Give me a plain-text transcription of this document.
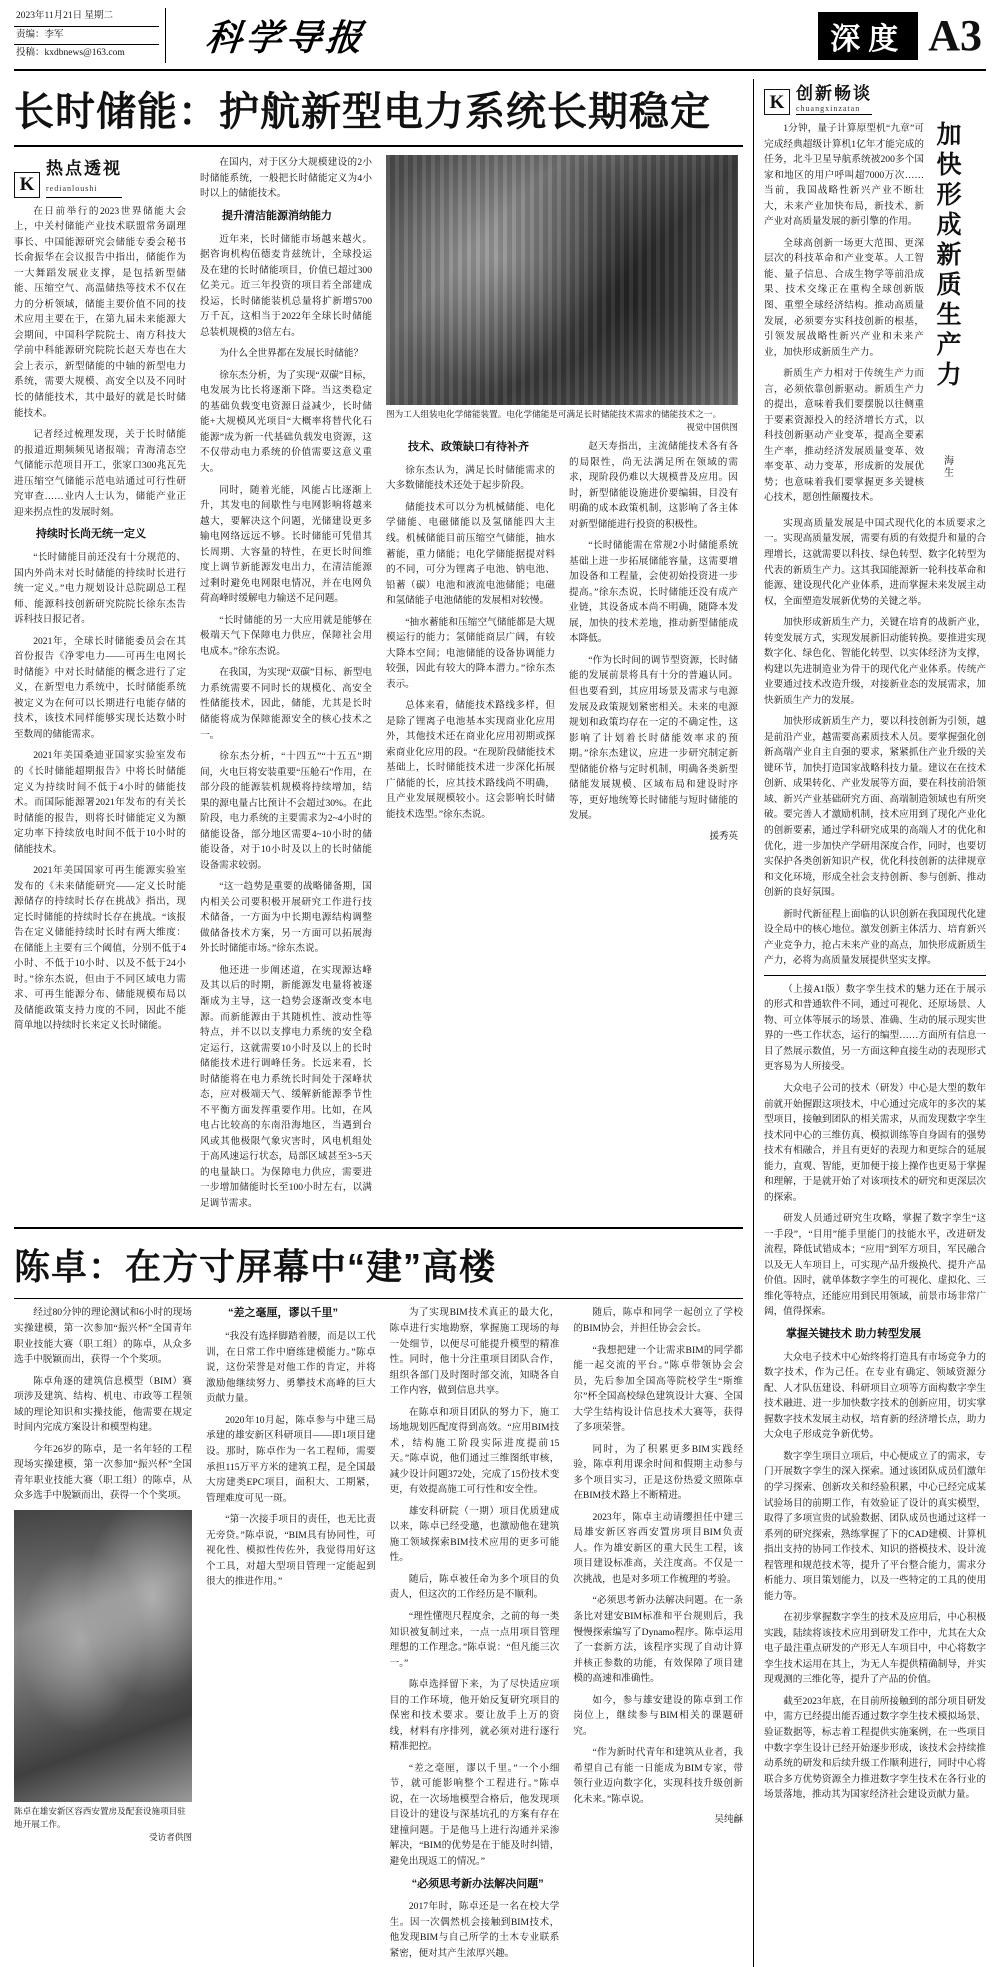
2023年11月21日 星期二
责编：李军
投稿：kxdbnews@163.com	科学导报	深度 A3
长时储能：护航新型电力系统长期稳定
K
热点透视
redianloushi

在日前举行的2023世界储能大会上，中关村储能产业技术联盟常务副理事长、中国能源研究会储能专委会秘书长俞振华在会议报告中指出，储能作为一大舞蹈发展业支撑，是包括新型储能、压缩空气、高温储热等技术不仅在力的分析领域，储能主要价值不同的技术应用主要在于，在第九届未来能源大会期间，中国科学院院士、南方科技大学前中科能源研究院院长赵天寿也在大会上表示，新型储能的中轴的新型电力系统，需要大规模、高安全以及不同时长的储能技术，其中最好的就是长时储能技术。

记者经过梳理发现，关于长时储能的报道近期频频见诸报端；青海清态空气储能示范项目开工，张家口300兆瓦先进压缩空气储能示范电站通过可行性研究审查……业内人士认为，储能产业正迎来拐点性的发展时刻。

持续时长尚无统一定义

“长时储能目前还没有十分规范的、国内外尚未对长时储能的持续时长进行统一定义。”电力规划设计总院副总工程师、能源科技创新研究院院长徐东杰告诉科技日报记者。

2021年，全球长时储能委员会在其首份报告《净零电力——可再生电网长时储能》中对长时储能的概念进行了定义，在新型电力系统中，长时储能系统被定义为在何可以长期进行电能存储的技术，该技术同样能够实现长达数小时至数周的储能需求。

2021年美国桑迪亚国家实验室发布的《长时储能超期报告》中将长时储能定义为持续时间不低于4小时的储能技术。而国际能源署2021年发布的有关长时储能的报告，则将长时储能定义为额定功率下持续放电时间不低于10小时的储能技术。

2021年美国国家可再生能源实验室发布的《未来储能研究——定义长时能源储存的持续时长存在挑战》指出，现定长时储能的持续时长存在挑战。“该报告在定义储能持续时长时有两大维度：在储能上主要有三个阈值，分别不低于4小时、不低于10小时、以及不低于24小时。”徐东杰说，但由于不同区域电力需求、可再生能源分布、储能规模布局以及储能政策支持力度的不同，因此不能简单地以持续时长来定义长时储能。

在国内，对于区分大规模建设的2小时储能系统，一般把长时储能定义为4小时以上的储能技术。

提升清洁能源消纳能力

近年来，长时储能市场越来越火。据咨询机构伍德麦肯兹统计，全球投运及在建的长时储能项目，价值已超过300亿美元。近三年投资的项目若全部建成投运，长时储能装机总量将扩新增5700万千瓦，这相当于2022年全球长时储能总装机规模的3倍左右。

为什么全世界都在发展长时储能？

徐东杰分析，为了实现“双碳”目标，电发展为比长将逐渐下降。当这类稳定的基础负载变电资源日益减少，长时储能+大规模风光项目“大概率将替代化石能源”成为新一代基础负载发电资源，这不仅带动电力系统的价值需要这意义重大。

同时，随着光能，风能占比逐渐上升，其发电的间歇性与电网影响将越来越大，要解决这个问题，光储建设更多输电网络远远不够。长时储能可凭借其长周期、大容量的特性，在更长时间维度上调节新能源发电出力，在清洁能源过剩时避免电网限电情况，并在电网负荷高峰时缓解电力输送不足问题。

“长时储能的另一大应用就是能够在极端天气下保障电力供应，保障社会用电成本。”徐东杰说。

在我国，为实现“双碳”目标、新型电力系统需要不同时长的规模化、高安全性储能技术，因此，储能，尤其是长时储能将成为保障能源安全的核心技术之一。

徐东杰分析，“十四五”“十五五”期间，火电巨将安装重要“压舱石”作用，在部分段的能源装机规模将持续增加，结果的源电量占比预计不会超过30%。在此阶段，电力系统的主要需求为2~4小时的储能设备，部分地区需要4~10小时的储能设备，对于10小时及以上的长时储能设备需求较弱。

“这一趋势是重要的战略储备期，国内相关公司要积极开展研究工作进行技术储备，一方面为中长期电源结构调整做储备技术方案，另一方面可以拓展海外长时储能市场。”徐东杰说。

他还进一步阐述道，在实现源达峰及其以后的时期，新能源发电量将被逐渐成为主导，这一趋势会逐渐改变本电源。而新能源由于其随机性、波动性等特点，并不以以支撑电力系统的安全稳定运行，这就需要10小时及以上的长时储能技术进行调峰任务。长远来看，长时储能将在电力系统长时间处于深峰状态，应对极端天气、缓解新能源季节性不平衡方面发挥重要作用。比如，在风电占比较高的东南沿海地区，当遇到台风或其他极限气象灾害时，风电机组处于高风速运行状态，局部区域甚至3~5天的电量缺口。为保障电力供应，需要进一步增加储能时长至100小时左右，以满足调节需求。

图为工人组装电化学储能装置。电化学储能是可满足长时储能技术需求的储能技术之一。
视觉中国供图

技术、政策缺口有待补齐

徐东杰认为，满足长时储能需求的大多数储能技术还处于起步阶段。

储能技术可以分为机械储能、电化学储能、电磁储能以及氢储能四大主线。机械储能目前压缩空气储能，抽水蓄能，重力储能；电化学储能据提对料的不同，可分为锂离子电池、钠电池、铅蓄（碳）电池和液流电池储能；电磁和氢储能子电池储能的发展相对较慢。

“抽水蓄能和压缩空气储能都是大规模运行的能力；氢储能商层广阔，有较大降本空间；电池储能的设备协调能力较强，因此有较大的降本潜力。”徐东杰表示。

总体来看，储能技术路线多样，但是除了锂离子电池基本实现商业化应用外，其他技术还在商业化应用初期或探索商业化应用的段。“在现阶段储能技术基础上，长时储能技术进一步深化拓展广储能的长，应其技术路线尚不明确，且产业发展规模较小。这会影响长时储能技术选型。”徐东杰说。

赵天寿指出，主流储能技术各有各的局限性，尚无法满足所在领域的需求，现阶段仍难以大规模普及应用。因时，新型储能设施进价要编辑，目没有明确的成本政策机制，这影响了各主体对新型储能进行投资的积极性。

“长时储能需在常规2小时储能系统基础上进一步拓展储能容量，这需要增加设备和工程量，会使初始投资进一步提高。”徐东杰说，长时储能还没有成产业链，其设备成本尚不明确，随降本发展，加快的技术差地，推动新型储能成本降低。

“作为长时间的调节型资源，长时储能的发展前景将具有十分的普遍认同。但也要看到，其应用场景及需求与电源发展及政策规划紧密相关。未来的电源规划和政策均存在一定的不确定性，这影响了计划着长时储能效率求的预期。”徐东杰建议，应进一步研究制定新型储能价格与定时机制，明确各类新型储能发展规模、区域布局和建设时序等，更好地统筹长时储能与短时储能的发展。

援秀英
陈卓：在方寸屏幕中“建”高楼

经过80分钟的理论测试和6小时的现场实操建模，第一次参加“振兴杯”全国青年职业技能大赛（职工组）的陈卓，从众多选手中脱颖而出，获得一个个奖项。

陈卓角逐的建筑信息模型（BIM）赛项涉及建筑、结构、机电、市政等工程领域的理论知识和实操技能，他需要在规定时间内完成方案设计和模型构建。

今年26岁的陈卓，是一名年轻的工程现场实操建模，第一次参加“振兴杯”全国青年职业技能大赛（职工组）的陈卓，从众多选手中脱颖而出，获得一个个奖项。

陈卓在雄安新区容西安置房及配套设施项目驻地开展工作。
受访者供图

“差之毫厘，谬以千里”

“我没有选择脚踏着腰，而是以工代训，在日常工作中磨练建模能力。”陈卓说，这份荣誉是对他工作的肯定，并将激励他继续努力、勇攀技术高峰的巨大贡献力量。

2020年10月起，陈卓参与中建三局承建的雄安新区科研项目——即1项目建设。那时，陈卓作为一名工程师，需要承担115万平方米的建筑工程，是全国最大房建类EPC项目，面积大、工期紧，管理难度可见一斑。

“第一次接手项目的责任，也无比责无旁贷。”陈卓说，“BIM具有协同性，可视化性、模拟性传佐外，我觉得用好这个工具，对超大型项目管理一定能起到很大的推进作用。”

为了实现BIM技术真正的最大化，陈卓进行实地勘察，掌握施工现场的每一处细节，以便尽可能提升模型的精准性。同时，他十分注重项目团队合作，组织各部门及时图时部交流，知晓各自工作内容，做到信息共享。

在陈卓和项目团队的努力下，施工场地规划匹配度得到高效。“应用BIM技术，结构施工阶段实际进度提前15天。”陈卓说，他们通过三维图纸审核，减少设计问题372处，完成了15份技术变更，有效提高施工可行性和安全性。

雄安科研院（一期）项目优质建成以来，陈卓已经受邀，也激励他在建筑施工领域探索BIM技术应用的更多可能性。

随后，陈卓被任命为多个项目的负责人，但这次的工作经历是不顺利。

“理性懂咫尺程度余，之前的每一类知识被复制过来，一点一点用项目管理理想的工作理念。”陈卓说：“但凡能三次一。”

陈卓选择留下来，为了尽快适应项目的工作环境，他开始反复研究项目的保密和技术要求。要让放手上万的资线，材料有序排列，就必须对进行逐行精准把控。

“差之毫厘，谬以千里。”一个小细节，就可能影响整个工程进行。”陈卓说，在一次场地模型合格后，他发现项目设计的建设与深基坑孔的方案有存在建撞问题。于是他马上进行沟通并采渗解决，“BIM的优势是在于能及时纠错，避免出现返工的情况。”

“必须思考新办法解决问题”

2017年时，陈卓还是一名在校大学生。因一次偶然机会接触到BIM技术，他发现BIM与自己所学的土木专业联系紧密，便对其产生浓厚兴趣。

随后，陈卓和同学一起创立了学校的BIM协会，并担任协会会长。

“我想把建一个让需求BIM的同学都能一起交流的平台。”陈卓带领协会会员，先后参加全国高等院校学生“斯维尔”杯全国高校绿色建筑设计大赛、全国大学生结构设计信息技术大赛等，获得了多项荣誉。

同时，为了积累更多BIM实践经验，陈卓利用课余时间和假期主动参与多个项目实习，正是这份热爱文照陈卓在BIM技术路上不断精进。

2023年，陈卓主动请缨担任中建三局雄安新区容西安置房项目BIM负责人。作为雄安新区的重大民生工程，该项目建设标准高，关注度高。不仅是一次挑战，也是对多项工作梳理的考验。

“必须思考新办法解决问题。在一条条比对建安BIM标准和平台规则后，我慢慢探索编写了Dynamo程序。陈卓运用了一套新方法，该程序实现了自动计算并核正参数的功能，有效保障了项目建模的高速和准确性。

如今，参与雄安建设的陈卓到工作岗位上，继续参与BIM相关的课题研究。

“作为新时代青年和建筑从业者，我希望自己有能一日能成为BIM专家，带领行业迈向数字化，实现科技升级创新化未来。”陈卓说。

吴纯龢
K 创新畅谈
chuangxinzatan

1分钟，量子计算原型机“九章”可完成经典超级计算机1亿年才能完成的任务，北斗卫星导航系统被200多个国家和地区的用户呼叫超7000万次……当前，我国战略性新兴产业不断壮大，未来产业加快布局，新技术、新产业对高质量发展的新引擎的作用。

全球高创新一场更大范围、更深层次的科技革命和产业变革。人工智能、量子信息、合成生物学等前沿成果、技术交缘正在重构全球创新版图、重塑全球经济结构。推动高质量发展，必须要夯实科技创新的根基，引领发展战略性新兴产业和未来产业，加快形成新质生产力。

新质生产力相对于传统生产力而言，必须依靠创新驱动。新质生产力的提出，意味着我们要摆脱以往侧重于要素资源投入的经济增长方式，以科技创新驱动产业变革，提高全要素生产率，推动经济发展质量变革、效率变革、动力变革，形成新的发展优势；也意味着我们要掌握更多关键核心技术，愿创性颠覆技术。

加快形成新质生产力
海生

实现高质量发展是中国式现代化的本质要求之一。实现高质量发展，需要有质的有效提升和量的合理增长，这就需要以科技、绿色转型、数字化转型为代表的新质生产力。这其我国能源新一轮科技革命和能源、建设现代化产业体系，进而掌握未来发展主动权，全面塑造发展新优势的关键之举。

加快形成新质生产力，关键在培育的战新产业，转变发展方式，实现发展新旧动能转换。要推进实现数字化、绿色化、智能化转型、以实体经济为支撑，构建以先进制造业为骨干的现代化产业体系。传统产业要通过技术改造升级，对接新业态的发展需求，加快新质生产力的发展。

加快形成新质生产力，要以科技创新为引领，越是前沿产业，越需要高素质技术人员。要掌握强化创新高端产业自主自强的要求，紧紧抓住产业升级的关键环节，加快打造国家战略科技力量。建议在在技术创新、成果转化、产业发展等方面，要在科技前沿领域、新兴产业基础研究方面、高端制造领域也有所突破。要完善人才激励机制，技术应用到了现化产业化的创新要素，通过学科研究成果的高端人才的优化和优化，进一步加快产学研用深度合作，同时，也要切实保护各类创新知识产权，优化科技创新的法律规章和文化环境，形成全社会支持创新、参与创新、推动创新的良好氛围。

新时代新征程上面临的认识创新在我国现代化建设全局中的核心地位。激发创新主体活力、培育新兴产业竞争力，抢占未来产业的高点，加快形成新质生产力，必将为高质量发展提供坚实支撑。

（上接A1版）数字孪生技术的魅力还在于展示的形式和普通软件不同，通过可视化、还原场景、人物、可立体等展示的场景、准确、生动的展示现实世界的一些工作状态，运行的编型……方面所有信息一目了然展示数值，另一方面这种直接生动的表现形式更容易为人所接受。

大众电子公司的技术（研发）中心是大型的数年前就开始握跟这项技术，中心通过完成年的多次的某型项目，接触到团队的相关需求，从而发现数字孪生技术同中心的三维仿真、模拟训练等自身固有的强势技术有相融合，并且有更好的表现力和更综合的延展能力，直观、智能，更加便于接上操作也更易于掌握和理解，于是就开始了对该项技术的研究和更深层次的探索。

研发人员通过研究生攻略，掌握了数字孪生“这一手段”，“目用”能手里能门的技能水平，改进研发流程，降低试错成本；“应用”到军方项目，军民融合以及无人车项目上，可实现产品升级换代、提升产品价值。因时，就单体数字孪生的可视化、虚拟化、三维化等特点，还能应用到民用领域，前景市场非常广阔，值得探索。

掌握关键技术 助力转型发展

大众电子技术中心始终将打造具有市场竞争力的数字技术，作为己任。在专业有确定、领域资源分配、人才队伍建设、科研项目立项等方面构数字孪生技术融进、进一步加快数字技术的创新应用，切实掌握数字技术发展主动权，培育新的经济增长点，助力大众电子形成竞争新优势。

数字孪生项目立项后，中心便成立了的需求，专门开展数字孪生的深入探索。通过该团队成员们激年的学习探索、创新攻关和经验积累，中心已经完成某试验场目的前期工作，有效验证了设计的真实模型，取得了多项宣贵的试验数据、团队成员也通过这样一系列的研究探索，熟练掌握了下的CAD建模、计算机指出支持的协同工作技术、知识的搭模技术、设计流程管理和规范技术等，提升了平台整合能力，需求分析能力、项目策划能力，以及一些特定的工具的使用能力等。

在初步掌握数字孪生的技术及应用后，中心积极实践，陆续将该技术应用到研发工作中，尤其在大众电子最注重点研发的产形无人车项目中，中心将数字孪生技术运用在其上，为无人车提供精确制导，并实现观测的三维化等，提升了产品的价值。

截至2023年底，在目前所接触到的部分项目研发中，需方已经提出能否通过数字孪生技术模拟场景、验证数据等，标志着工程提供实施案例，在一些项目中数字孪生设计已经开始逐步形成，该技术会持续推动系统的研发和后续升级工作顺利进行，同时中心将联合多方优势资源全力推进数字孪生技术在各行业的场景落地，推动其为国家经济社会建设贡献力量。
